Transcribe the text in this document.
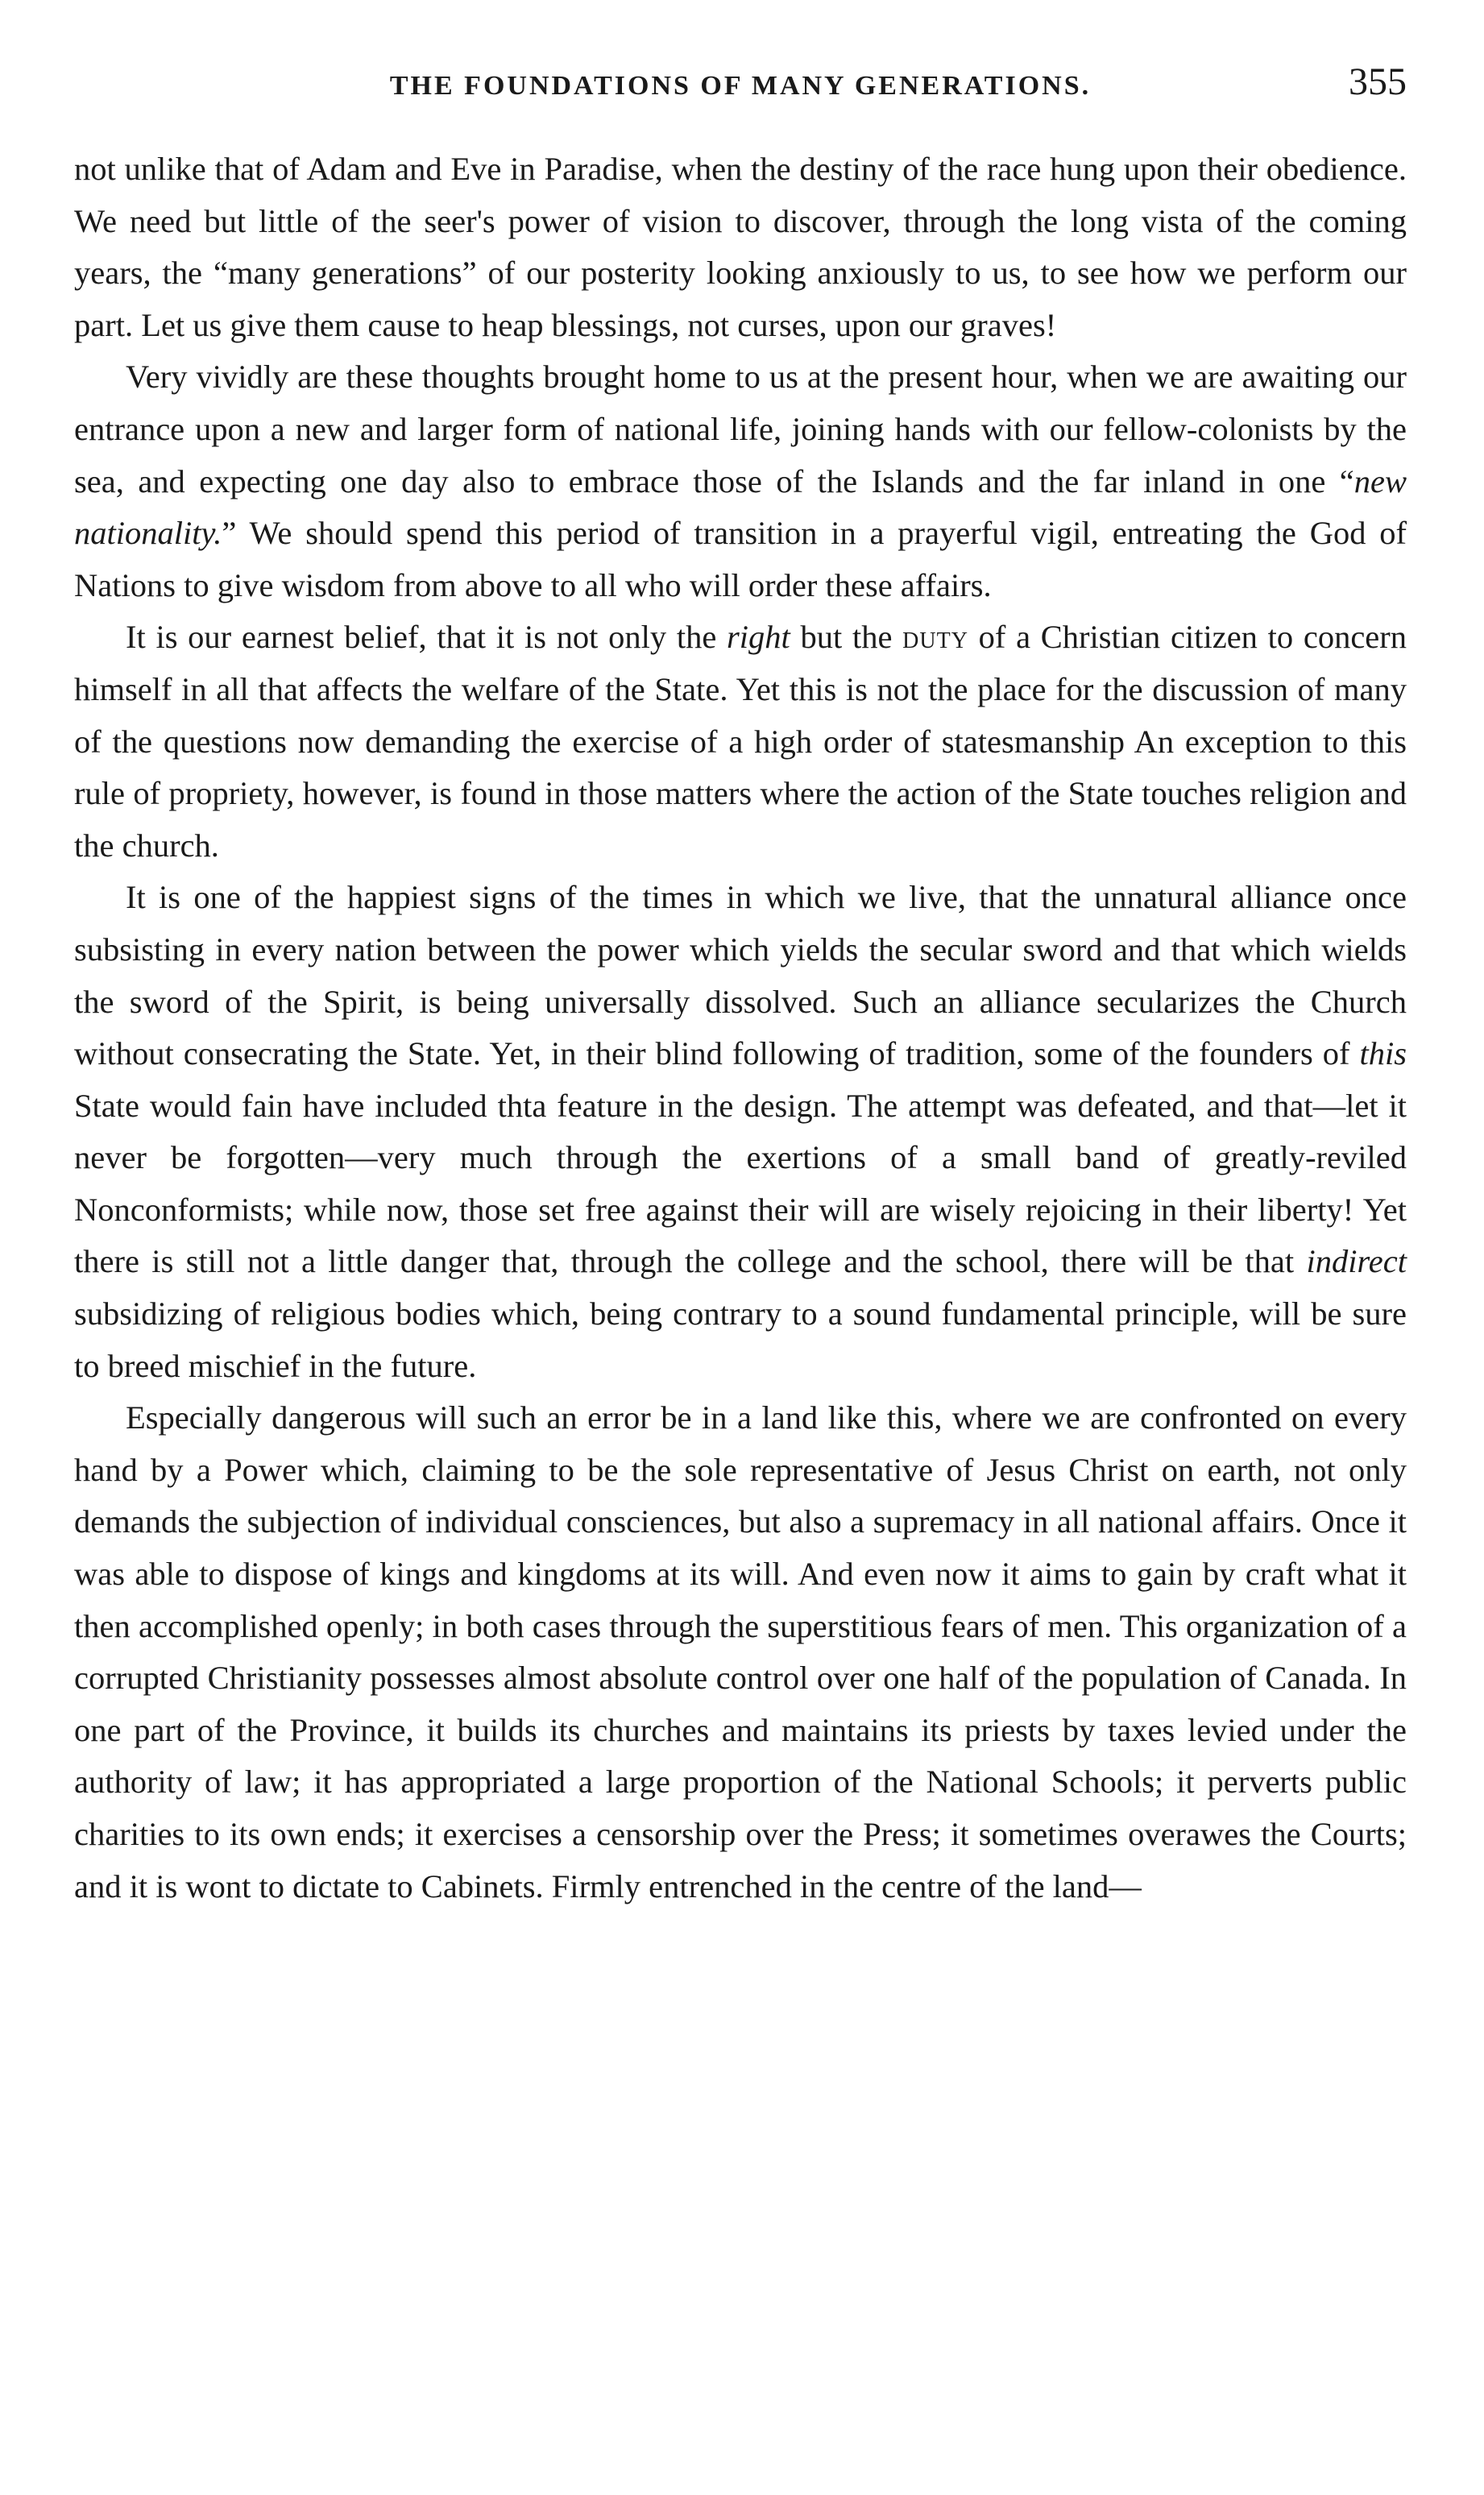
THE FOUNDATIONS OF MANY GENERATIONS.	355

not unlike that of Adam and Eve in Paradise, when the destiny of the race hung upon their obedience. We need but little of the seer's power of vision to discover, through the long vista of the coming years, the “many generations” of our posterity looking anxiously to us, to see how we perform our part. Let us give them cause to heap blessings, not curses, upon our graves!

Very vividly are these thoughts brought home to us at the present hour, when we are awaiting our entrance upon a new and larger form of national life, joining hands with our fellow-colonists by the sea, and expecting one day also to embrace those of the Islands and the far inland in one “new nationality.” We should spend this period of transition in a prayerful vigil, entreating the God of Nations to give wisdom from above to all who will order these affairs.

It is our earnest belief, that it is not only the right but the duty of a Christian citizen to concern himself in all that affects the welfare of the State. Yet this is not the place for the discussion of many of the questions now demanding the exercise of a high order of statesmanship An exception to this rule of propriety, however, is found in those matters where the action of the State touches religion and the church.

It is one of the happiest signs of the times in which we live, that the unnatural alliance once subsisting in every nation between the power which yields the secular sword and that which wields the sword of the Spirit, is being universally dissolved. Such an alliance secularizes the Church without consecrating the State. Yet, in their blind following of tradition, some of the founders of this State would fain have included thta feature in the design. The attempt was defeated, and that—let it never be forgotten—very much through the exertions of a small band of greatly-reviled Nonconformists; while now, those set free against their will are wisely rejoicing in their liberty! Yet there is still not a little danger that, through the college and the school, there will be that indirect subsidizing of religious bodies which, being contrary to a sound fundamental principle, will be sure to breed mischief in the future.

Especially dangerous will such an error be in a land like this, where we are confronted on every hand by a Power which, claiming to be the sole representative of Jesus Christ on earth, not only demands the subjection of individual consciences, but also a supremacy in all national affairs. Once it was able to dispose of kings and kingdoms at its will. And even now it aims to gain by craft what it then accomplished openly; in both cases through the superstitious fears of men. This organization of a corrupted Christianity possesses almost absolute control over one half of the population of Canada. In one part of the Province, it builds its churches and maintains its priests by taxes levied under the authority of law; it has appropriated a large proportion of the National Schools; it perverts public charities to its own ends; it exercises a censorship over the Press; it sometimes overawes the Courts; and it is wont to dictate to Cabinets. Firmly entrenched in the centre of the land—
